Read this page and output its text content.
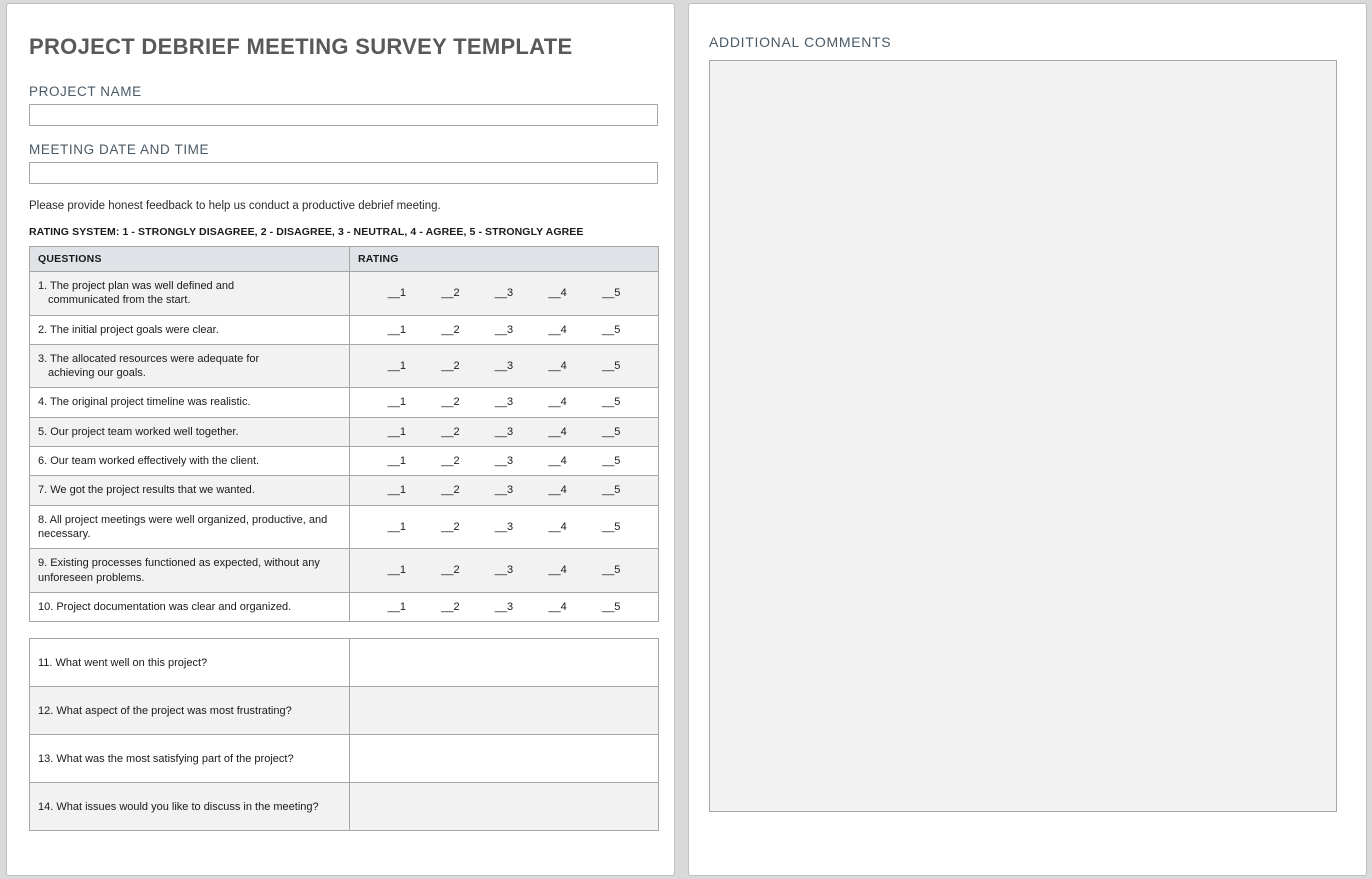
PROJECT DEBRIEF MEETING SURVEY TEMPLATE
PROJECT NAME
MEETING DATE AND TIME
Please provide honest feedback to help us conduct a productive debrief meeting.
RATING SYSTEM: 1 - STRONGLY DISAGREE, 2 - DISAGREE, 3 - NEUTRAL, 4 - AGREE, 5 - STRONGLY AGREE
QUESTIONS	RATING
1. The project plan was well defined and
communicated from the start.	__1 __2 __3 __4 __5

2. The initial project goals were clear.	__1 __2 __3 __4 __5

3. The allocated resources were adequate for
achieving our goals.	__1 __2 __3 __4 __5

4. The original project timeline was realistic.	__1 __2 __3 __4 __5

5. Our project team worked well together.	__1 __2 __3 __4 __5

6. Our team worked effectively with the client.	__1 __2 __3 __4 __5

7. We got the project results that we wanted.	__1 __2 __3 __4 __5

8. All project meetings were well organized, productive, and necessary.	__1 __2 __3 __4 __5

9. Existing processes functioned as expected, without any unforeseen problems.	__1 __2 __3 __4 __5

10. Project documentation was clear and organized.	__1 __2 __3 __4 __5
11. What went well on this project?	
12. What aspect of the project was most frustrating?	
13. What was the most satisfying part of the project?	
14. What issues would you like to discuss in the meeting?	
ADDITIONAL COMMENTS
